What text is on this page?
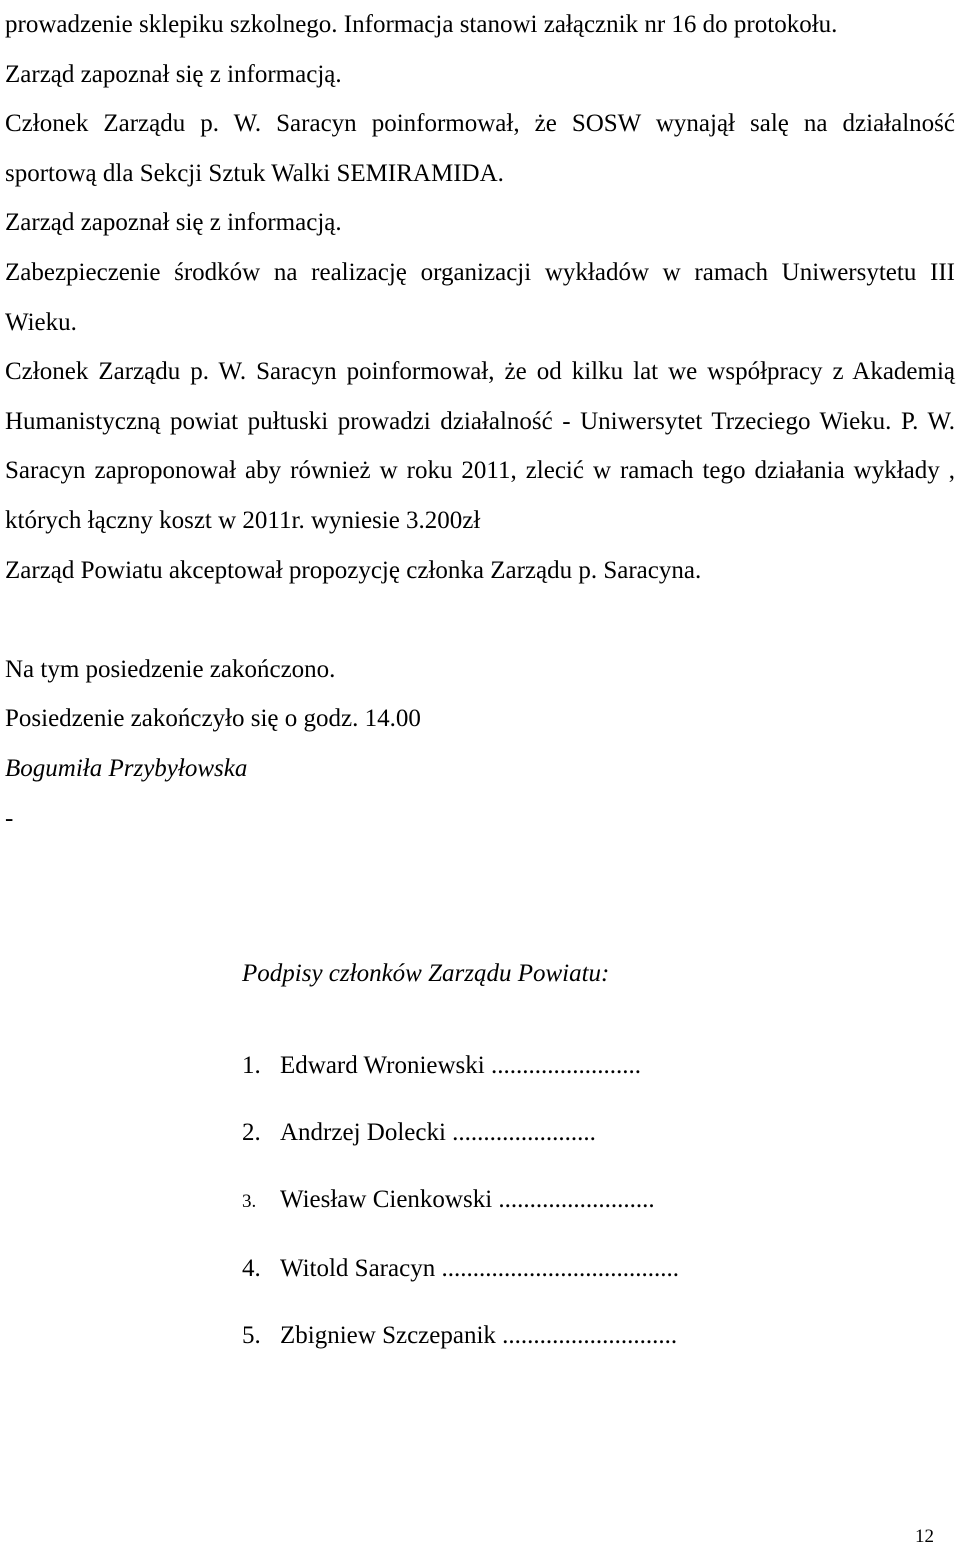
prowadzenie sklepiku szkolnego. Informacja stanowi załącznik nr 16 do protokołu.

Zarząd zapoznał się z informacją.

Członek Zarządu p. W. Saracyn poinformował, że SOSW wynajął salę na działalność sportową dla Sekcji Sztuk Walki SEMIRAMIDA.

Zarząd zapoznał się z informacją.

Zabezpieczenie środków na realizację organizacji wykładów w ramach Uniwersytetu III Wieku.

Członek Zarządu p. W. Saracyn poinformował, że od kilku lat we współpracy z Akademią Humanistyczną powiat pułtuski prowadzi działalność - Uniwersytet Trzeciego Wieku. P. W. Saracyn zaproponował aby również w roku 2011, zlecić w ramach tego działania wykłady , których łączny koszt w 2011r. wyniesie 3.200zł

Zarząd Powiatu akceptował propozycję członka Zarządu p. Saracyna.

Na tym posiedzenie zakończono.

Posiedzenie zakończyło się o godz. 14.00

Bogumiła Przybyłowska

-

Podpisy członków Zarządu Powiatu:

1. Edward Wroniewski ........................
2. Andrzej Dolecki .......................
3. Wiesław Cienkowski .........................
4. Witold Saracyn ......................................
5. Zbigniew Szczepanik ............................
12
